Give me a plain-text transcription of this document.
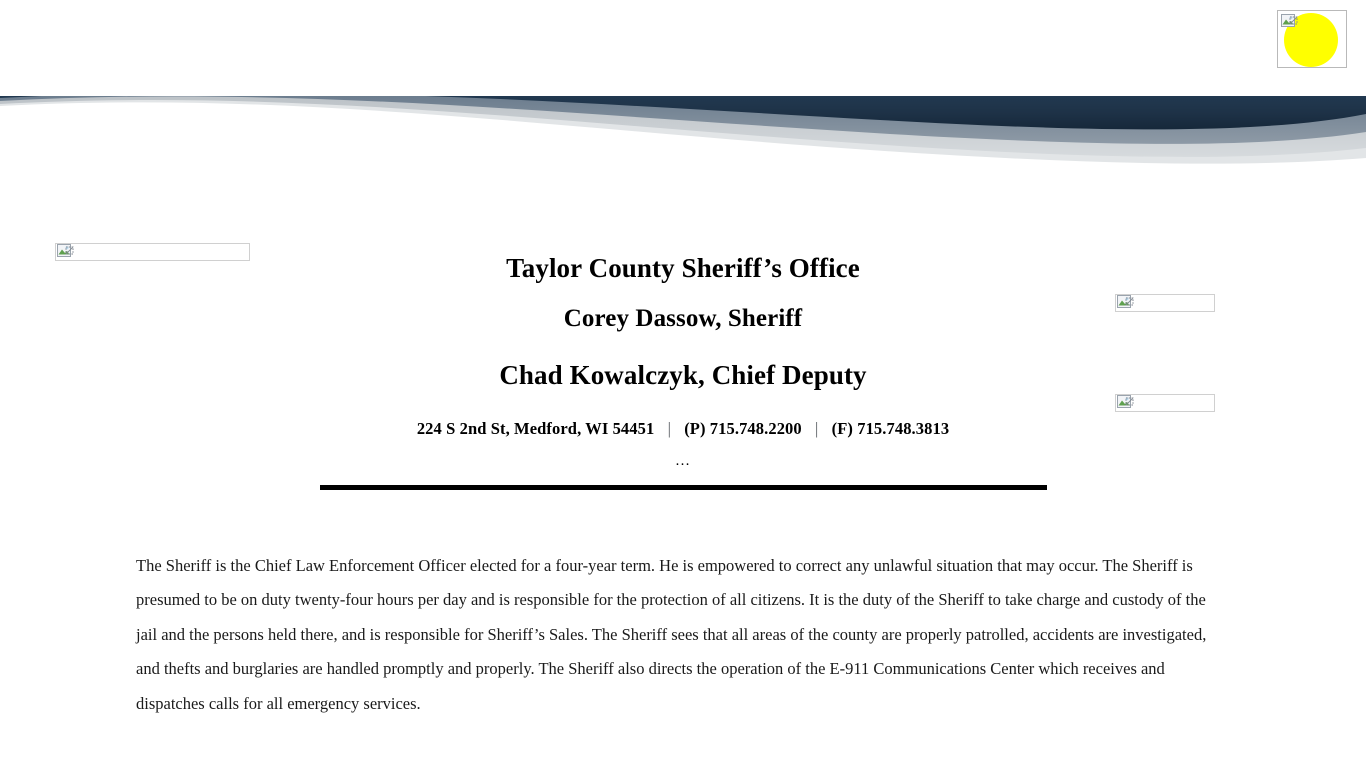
Taylor County Sheriff’s Office
Corey Dassow, Sheriff
Chad Kowalczyk, Chief Deputy
224 S 2nd St, Medford, WI 54451 | (P) 715.748.2200 | (F) 715.748.3813
…
The Sheriff is the Chief Law Enforcement Officer elected for a four-year term. He is empowered to correct any unlawful situation that may occur. The Sheriff is presumed to be on duty twenty-four hours per day and is responsible for the protection of all citizens. It is the duty of the Sheriff to take charge and custody of the jail and the persons held there, and is responsible for Sheriff’s Sales. The Sheriff sees that all areas of the county are properly patrolled, accidents are investigated, and thefts and burglaries are handled promptly and properly. The Sheriff also directs the operation of the E-911 Communications Center which receives and dispatches calls for all emergency services.
